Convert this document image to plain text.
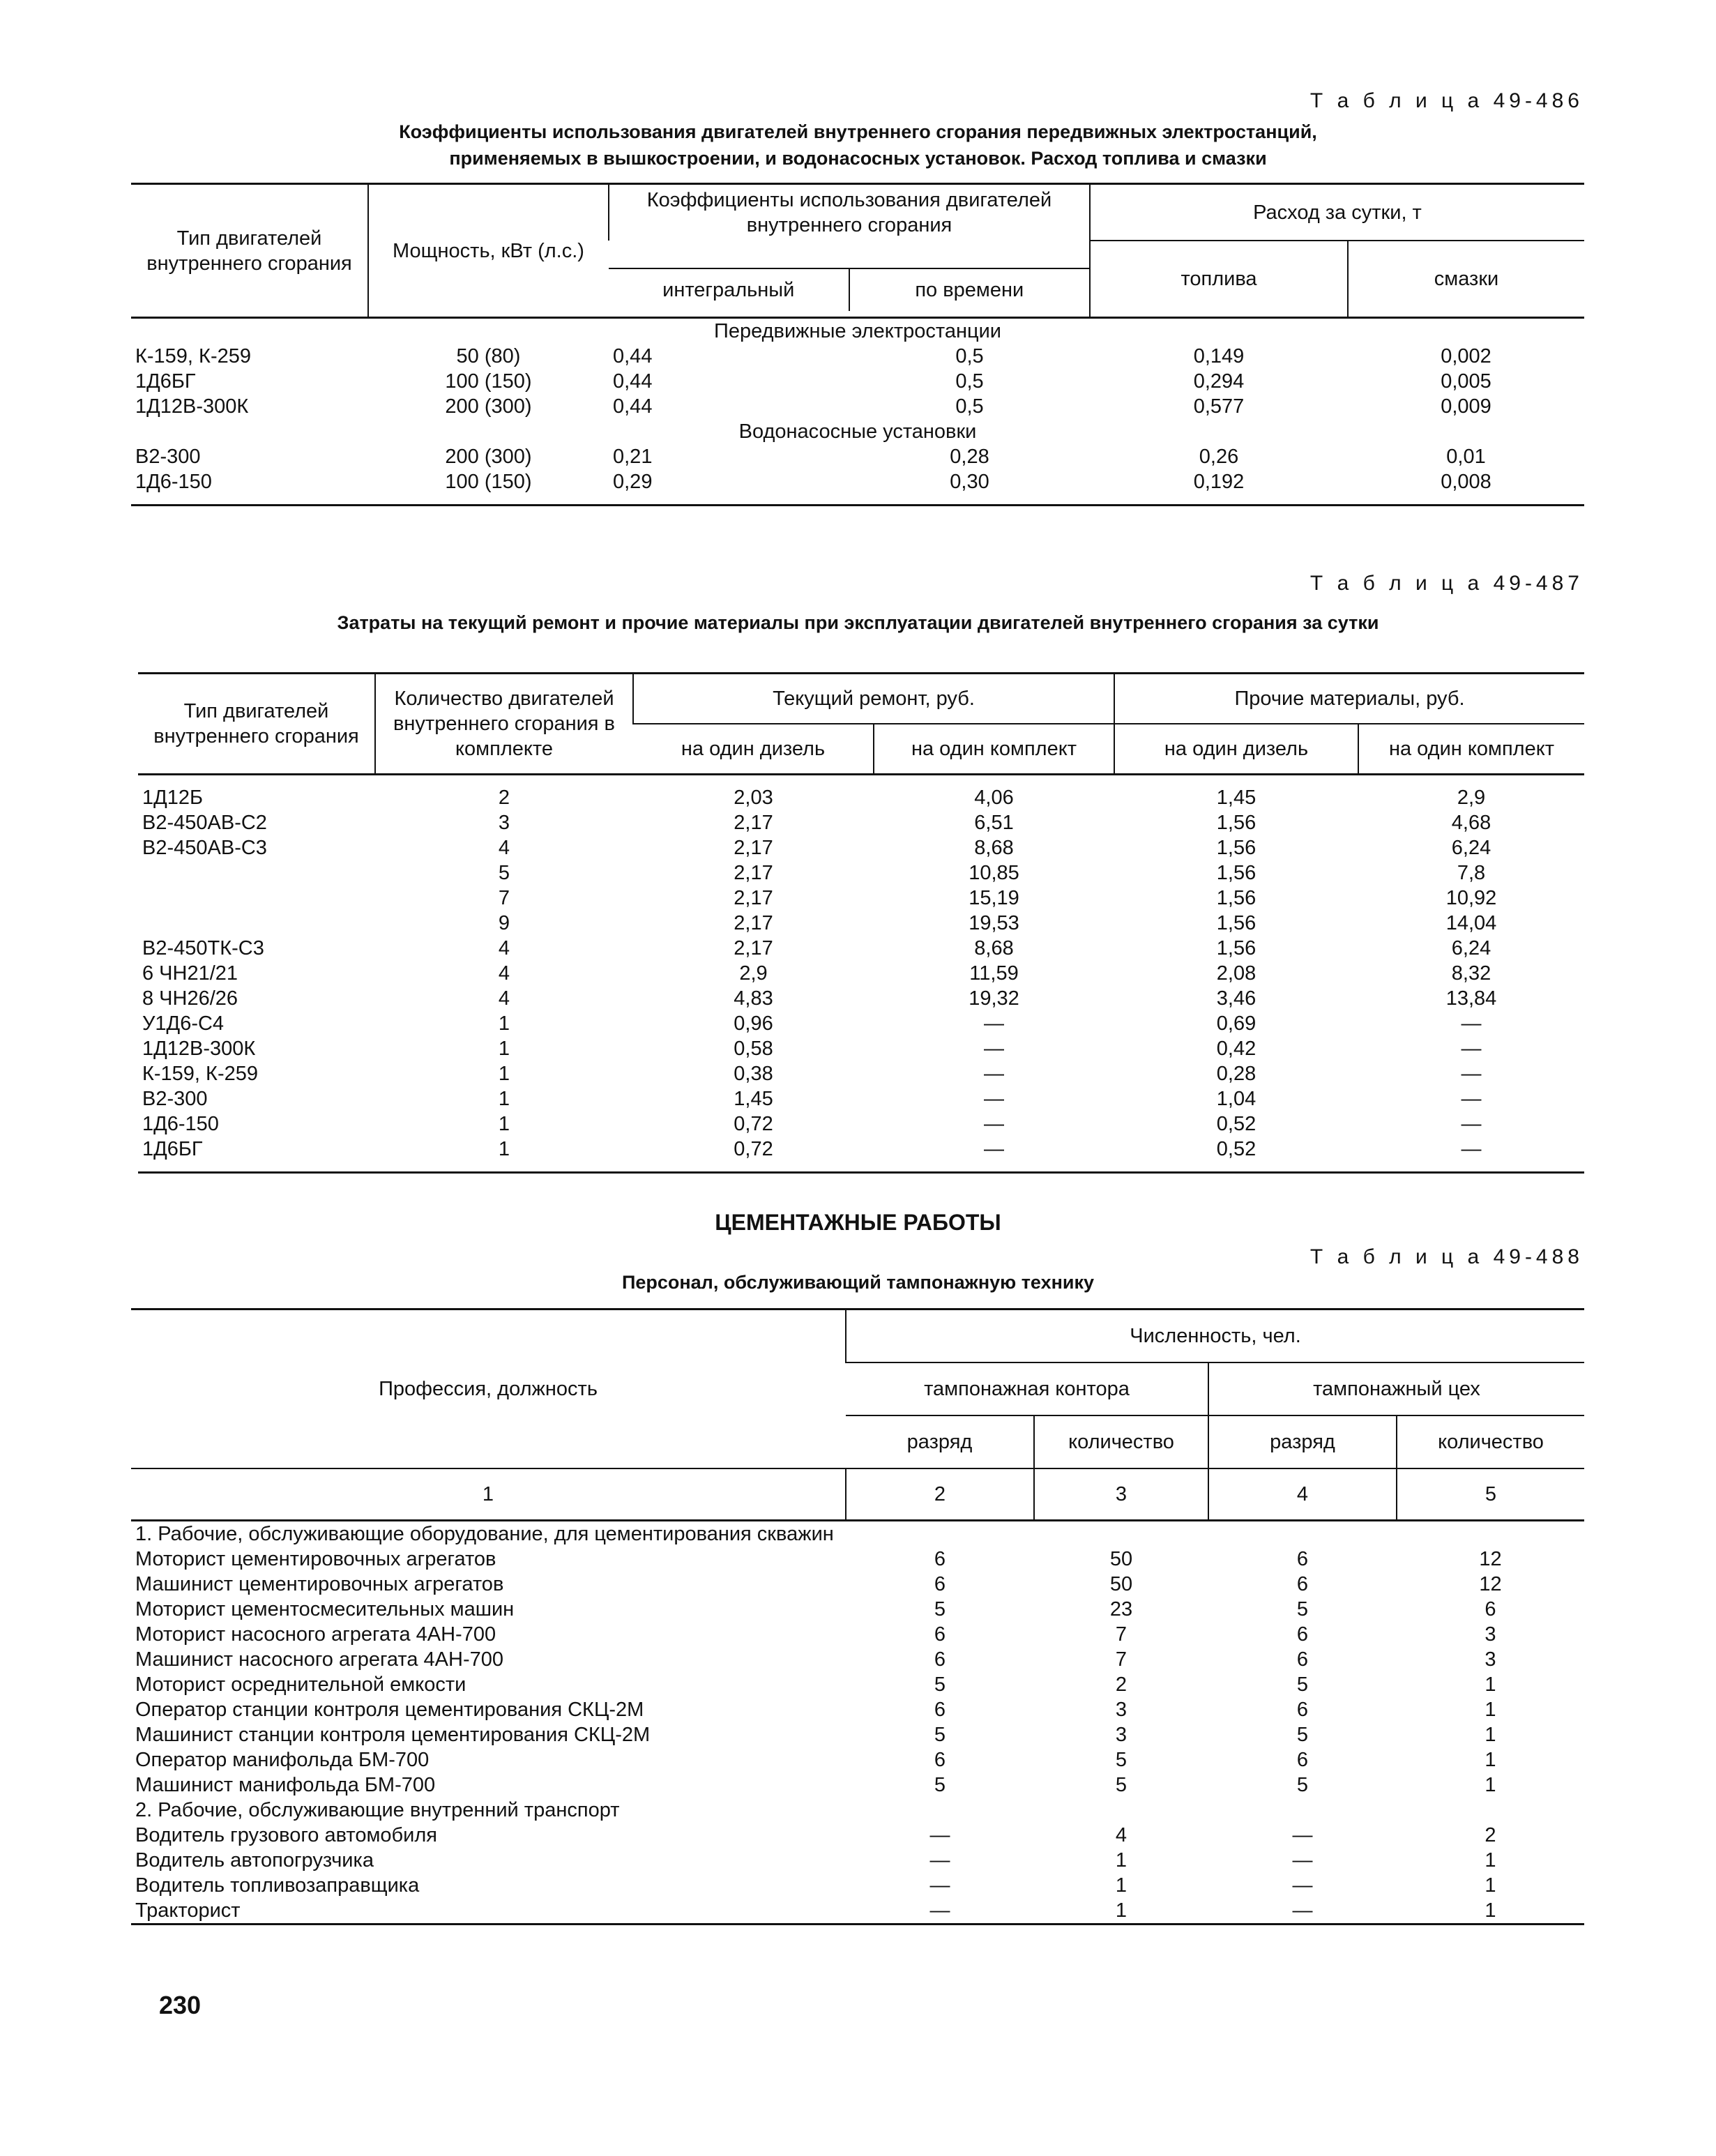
Т а б л и ц а 49-486
Коэффициенты использования двигателей внутреннего сгорания передвижных электростанций,
применяемых в вышкостроении, и водонасосных установок. Расход топлива и смазки
Тип двигателей внутреннего сгорания	Мощность, кВт (л.с.)	Коэффициенты использования двигателей внутреннего сгорания		Расход за сутки, т	

		интегральный по времени		топлива	смазки

Передвижные электростанции					
К-159, К-259	50 (80)	0,44	0,5	0,149	0,002
1Д6БГ	100 (150)	0,44	0,5	0,294	0,005
1Д12В-300К	200 (300)	0,44	0,5	0,577	0,009
Водонасосные установки					
В2-300	200 (300)	0,21	0,28	0,26	0,01
1Д6-150	100 (150)	0,29	0,30	0,192	0,008

Т а б л и ц а 49-487
Затраты на текущий ремонт и прочие материалы при эксплуатации двигателей внутреннего сгорания за сутки
Тип двигателей внутреннего сгорания	Количество двигателей внутреннего сгорания в комплекте	Текущий ремонт, руб.		Прочие материалы, руб.	
		на один дизель	на один комплект	на один дизель	на один комплект

1Д12Б	2	2,03	4,06	1,45	2,9
В2-450АВ-С2	3	2,17	6,51	1,56	4,68
В2-450АВ-С3	4	2,17	8,68	1,56	6,24
	5	2,17	10,85	1,56	7,8
	7	2,17	15,19	1,56	10,92
	9	2,17	19,53	1,56	14,04
В2-450ТК-С3	4	2,17	8,68	1,56	6,24
6 ЧН21/21	4	2,9	11,59	2,08	8,32
8 ЧН26/26	4	4,83	19,32	3,46	13,84
У1Д6-С4	1	0,96	—	0,69	—
1Д12В-300К	1	0,58	—	0,42	—
К-159, К-259	1	0,38	—	0,28	—
В2-300	1	1,45	—	1,04	—
1Д6-150	1	0,72	—	0,52	—
1Д6БГ	1	0,72	—	0,52	—

ЦЕМЕНТАЖНЫЕ РАБОТЫ
Т а б л и ц а 49-488
Персонал, обслуживающий тампонажную технику
Профессия, должность	Численность, чел.			
	тампонажная контора		тампонажный цех	
	разряд	количество	разряд	количество
1	2	3	4	5
1. Рабочие, обслуживающие оборудование, для цементирования скважин				
Моторист цементировочных агрегатов	6	50	6	12
Машинист цементировочных агрегатов	6	50	6	12
Моторист цементосмесительных машин	5	23	5	6
Моторист насосного агрегата 4АН-700	6	7	6	3
Машинист насосного агрегата 4АН-700	6	7	6	3
Моторист осреднительной емкости	5	2	5	1
Оператор станции контроля цементирования СКЦ-2М	6	3	6	1
Машинист станции контроля цементирования СКЦ-2М	5	3	5	1
Оператор манифольда БМ-700	6	5	6	1
Машинист манифольда БМ-700	5	5	5	1
2. Рабочие, обслуживающие внутренний транспорт				
Водитель грузового автомобиля	—	4	—	2
Водитель автопогрузчика	—	1	—	1
Водитель топливозаправщика	—	1	—	1
Тракторист	—	1	—	1
230
